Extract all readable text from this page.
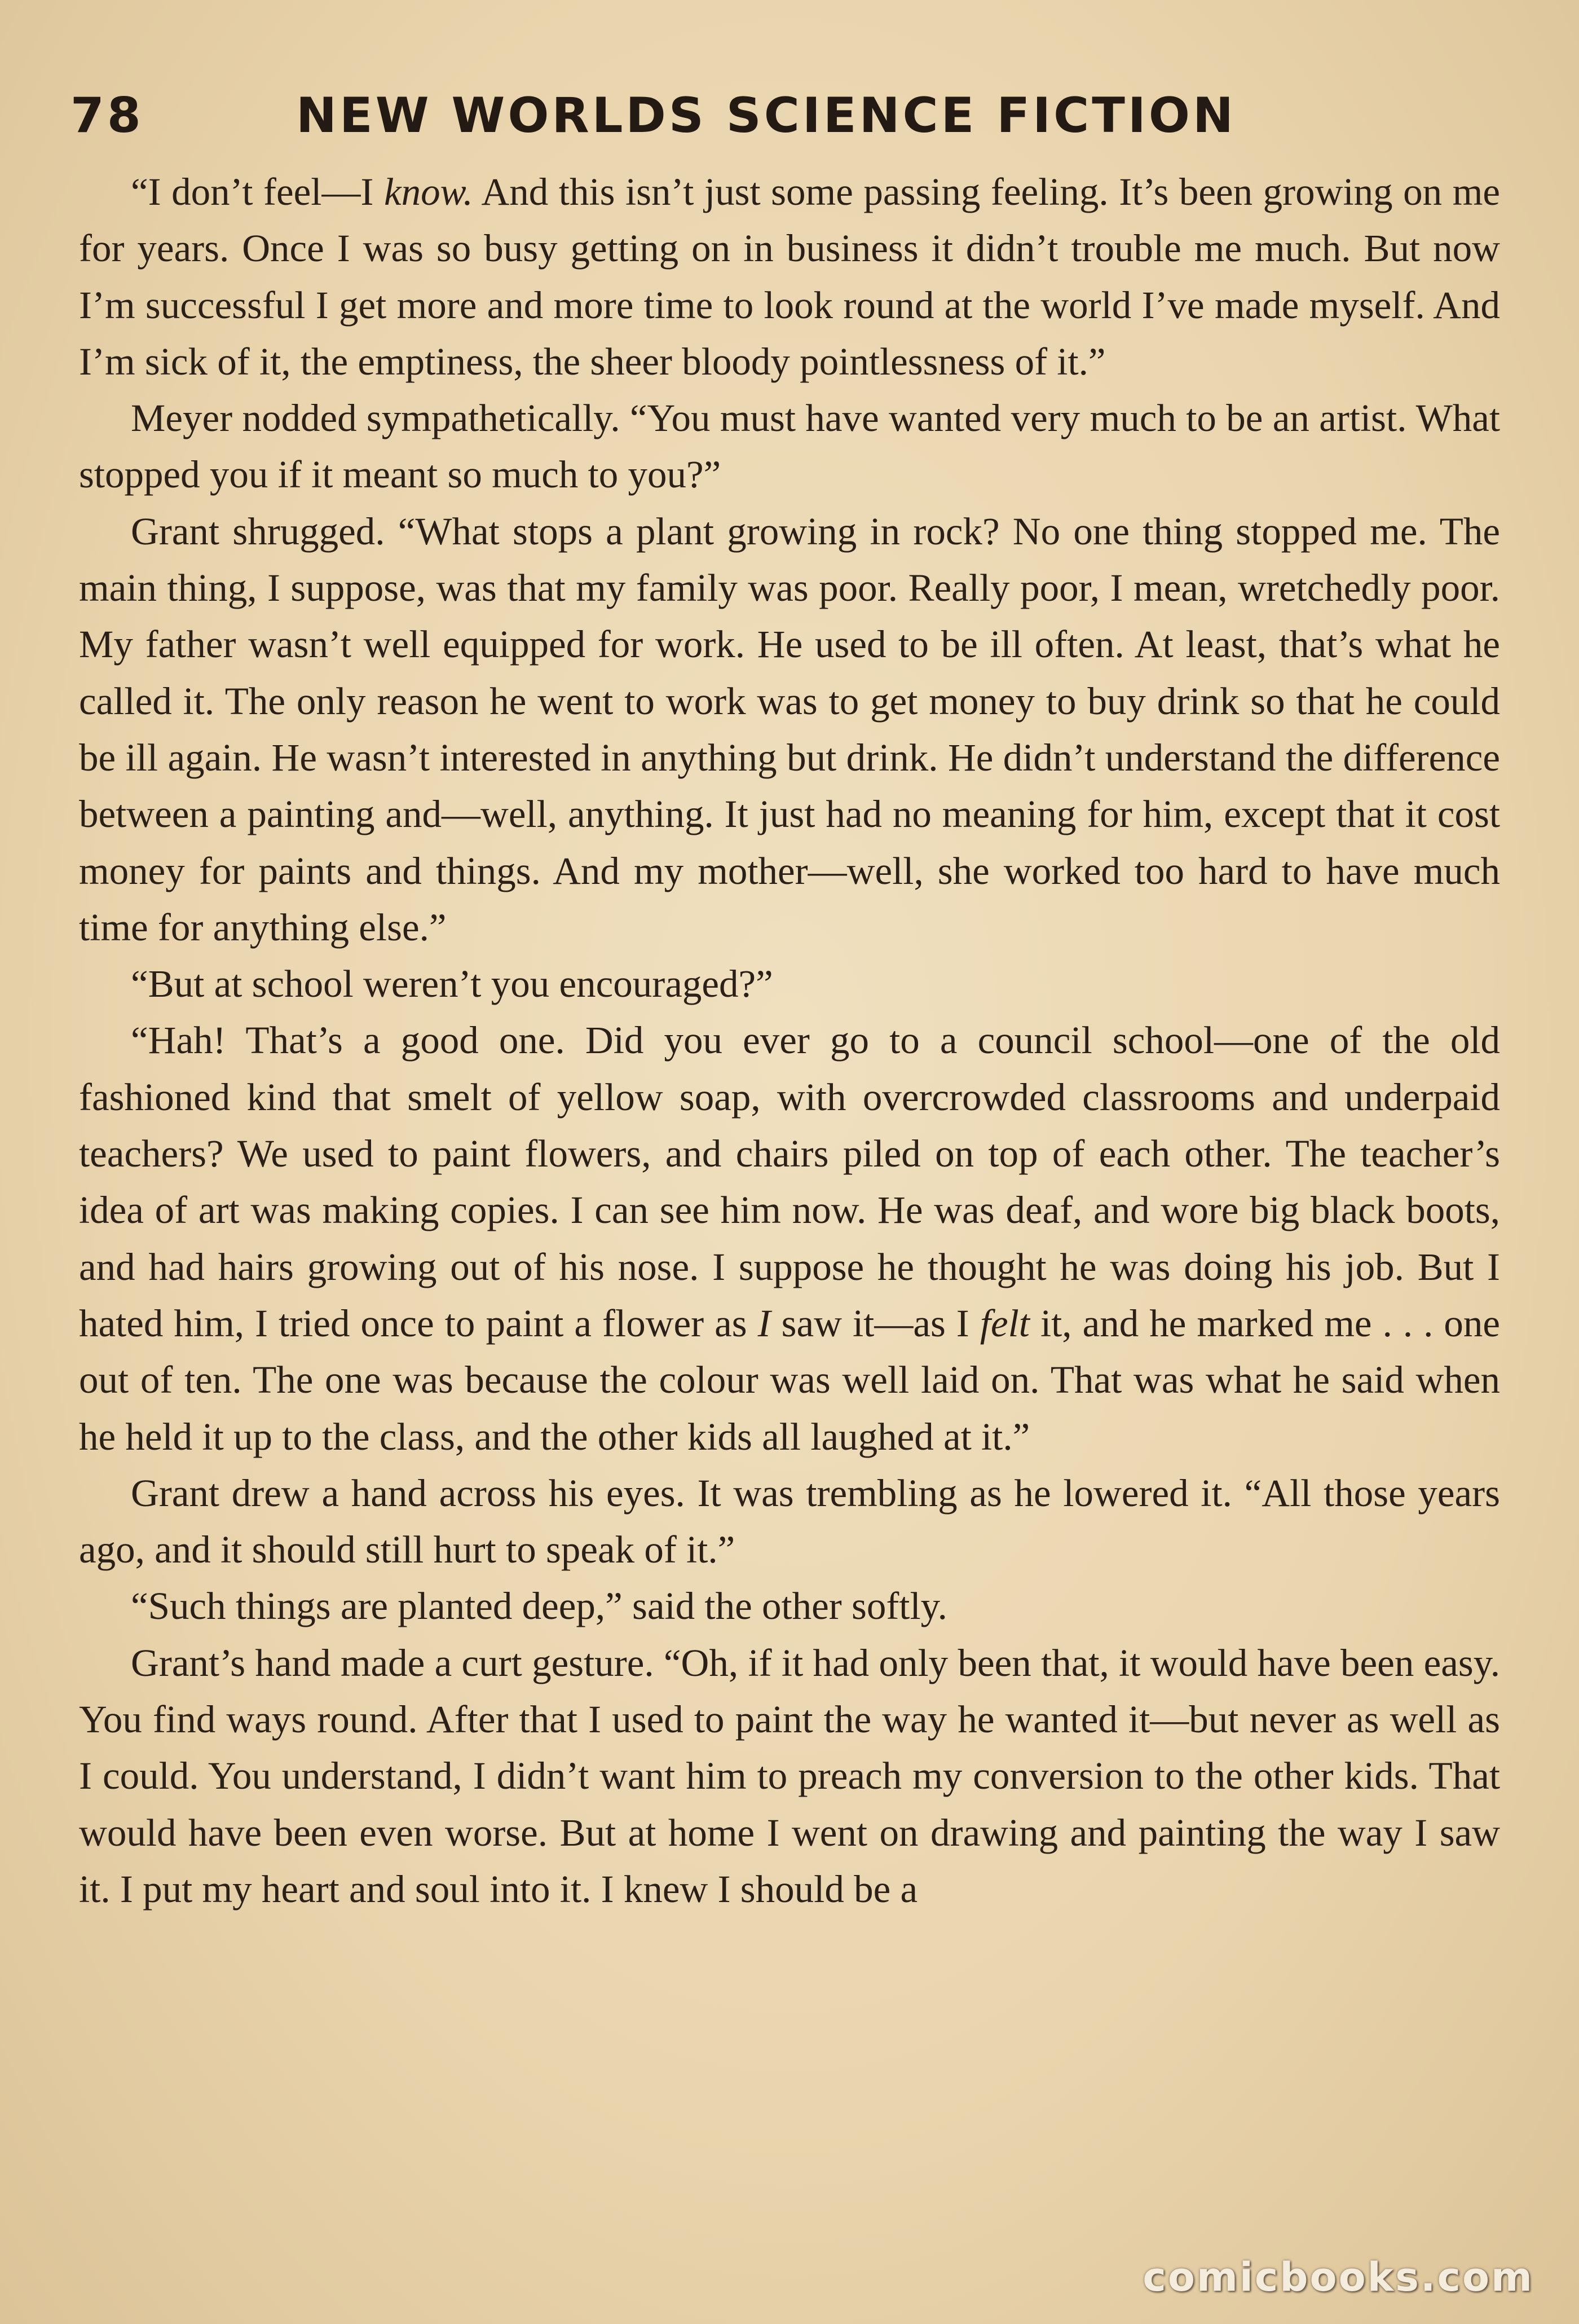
78	NEW WORLDS SCIENCE FICTION

“I don’t feel—I know. And this isn’t just some passing feeling. It’s been growing on me for years. Once I was so busy getting on in business it didn’t trouble me much. But now I’m successful I get more and more time to look round at the world I’ve made myself. And I’m sick of it, the emptiness, the sheer bloody pointlessness of it.”

Meyer nodded sympathetically. “You must have wanted very much to be an artist. What stopped you if it meant so much to you?”

Grant shrugged. “What stops a plant growing in rock? No one thing stopped me. The main thing, I suppose, was that my family was poor. Really poor, I mean, wretchedly poor. My father wasn’t well equipped for work. He used to be ill often. At least, that’s what he called it. The only reason he went to work was to get money to buy drink so that he could be ill again. He wasn’t interested in anything but drink. He didn’t understand the difference between a painting and—well, anything. It just had no meaning for him, except that it cost money for paints and things. And my mother—well, she worked too hard to have much time for anything else.”

“But at school weren’t you encouraged?”

“Hah! That’s a good one. Did you ever go to a council school—one of the old fashioned kind that smelt of yellow soap, with overcrowded classrooms and underpaid teachers? We used to paint flowers, and chairs piled on top of each other. The teacher’s idea of art was making copies. I can see him now. He was deaf, and wore big black boots, and had hairs growing out of his nose. I suppose he thought he was doing his job. But I hated him, I tried once to paint a flower as I saw it—as I felt it, and he marked me . . . one out of ten. The one was because the colour was well laid on. That was what he said when he held it up to the class, and the other kids all laughed at it.”

Grant drew a hand across his eyes. It was trembling as he lowered it. “All those years ago, and it should still hurt to speak of it.”

“Such things are planted deep,” said the other softly.

Grant’s hand made a curt gesture. “Oh, if it had only been that, it would have been easy. You find ways round. After that I used to paint the way he wanted it—but never as well as I could. You understand, I didn’t want him to preach my conversion to the other kids. That would have been even worse. But at home I went on drawing and painting the way I saw it. I put my heart and soul into it. I knew I should be a

comicbooks.com
